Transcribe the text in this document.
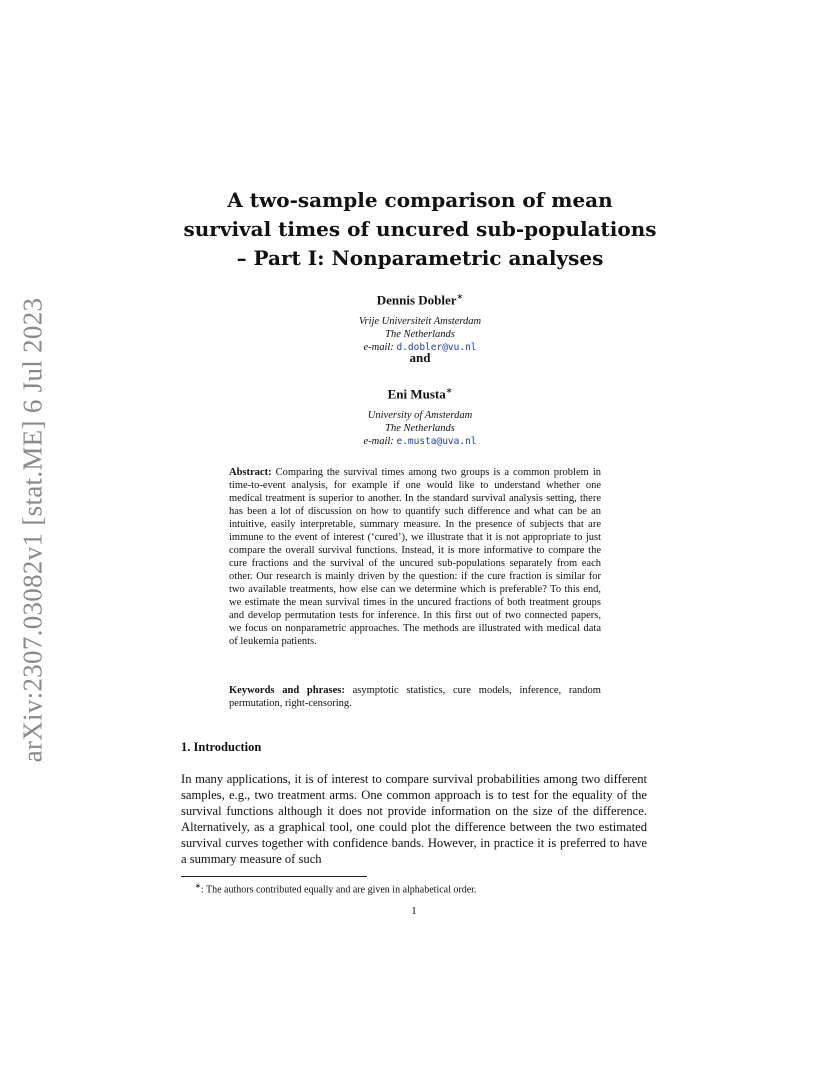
arXiv:2307.03082v1 [stat.ME] 6 Jul 2023
A two-sample comparison of mean
survival times of uncured sub-populations
– Part I: Nonparametric analyses
Dennis Dobler∗
Vrije Universiteit Amsterdam
The Netherlands
e-mail: d.dobler@vu.nl
and
Eni Musta∗
University of Amsterdam
The Netherlands
e-mail: e.musta@uva.nl

Abstract: Comparing the survival times among two groups is a common problem in time-to-event analysis, for example if one would like to understand whether one medical treatment is superior to another. In the standard survival analysis setting, there has been a lot of discussion on how to quantify such difference and what can be an intuitive, easily interpretable, summary measure. In the presence of subjects that are immune to the event of interest (‘cured’), we illustrate that it is not appropriate to just compare the overall survival functions. Instead, it is more informative to compare the cure fractions and the survival of the uncured sub-populations separately from each other. Our research is mainly driven by the question: if the cure fraction is similar for two available treatments, how else can we determine which is preferable? To this end, we estimate the mean survival times in the uncured fractions of both treatment groups and develop permutation tests for inference. In this first out of two connected papers, we focus on nonparametric approaches. The methods are illustrated with medical data of leukemia patients.

Keywords and phrases: asymptotic statistics, cure models, inference, random permutation, right-censoring.

1. Introduction

In many applications, it is of interest to compare survival probabilities among two different samples, e.g., two treatment arms. One common approach is to test for the equality of the survival functions although it does not provide information on the size of the difference. Alternatively, as a graphical tool, one could plot the difference between the two estimated survival curves together with confidence bands. However, in practice it is preferred to have a summary measure of such

∗: The authors contributed equally and are given in alphabetical order.

1
